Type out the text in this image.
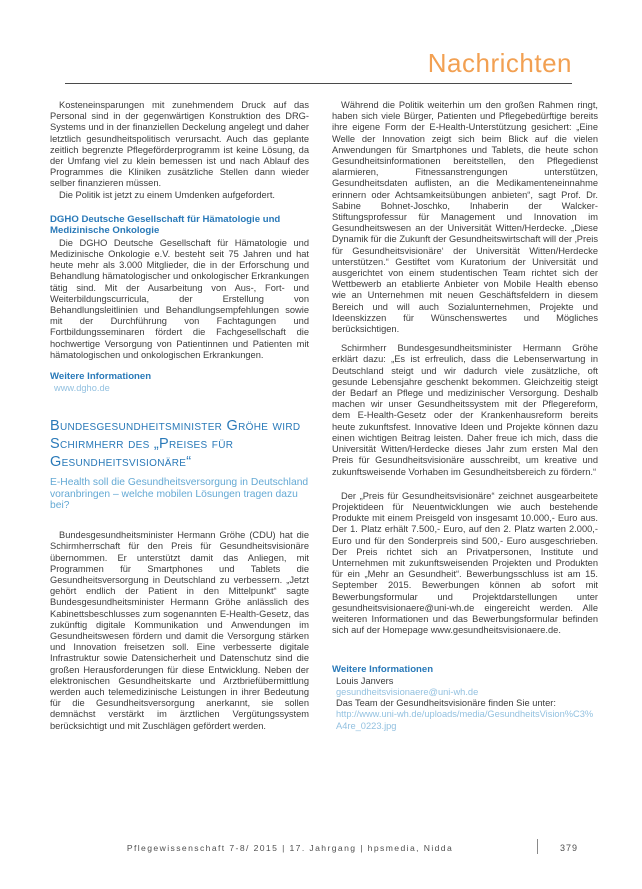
Nachrichten

Kosteneinsparungen mit zunehmendem Druck auf das Personal sind in der gegenwärtigen Konstruktion des DRG-Systems und in der finanziellen Deckelung angelegt und daher letztlich gesundheitspolitisch verursacht. Auch das geplante zeitlich begrenzte Pflegeförderprogramm ist keine Lösung, da der Umfang viel zu klein bemessen ist und nach Ablauf des Programmes die Kliniken zusätzliche Stellen dann wieder selber finanzieren müssen.

Die Politik ist jetzt zu einem Umdenken aufgefordert.

DGHO Deutsche Gesellschaft für Hämatologie und Medizinische Onkologie

Die DGHO Deutsche Gesellschaft für Hämatologie und Medizinische Onkologie e.V. besteht seit 75 Jahren und hat heute mehr als 3.000 Mitglieder, die in der Erforschung und Behandlung hämatologischer und onkologischer Erkrankungen tätig sind. Mit der Ausarbeitung von Aus-, Fort- und Weiterbildungscurricula, der Erstellung von Behandlungsleitlinien und Behandlungsempfehlungen sowie mit der Durchführung von Fachtagungen und Fortbildungsseminaren fördert die Fachgesellschaft die hochwertige Versorgung von Patientinnen und Patienten mit hämatologischen und onkologischen Erkrankungen.

Weitere Informationen
www.dgho.de
Bundesgesundheitsminister Gröhe wird Schirmherr des „Preises für Gesundheitsvisionäre“

E-Health soll die Gesundheitsversorgung in Deutschland voranbringen – welche mobilen Lösungen tragen dazu bei?

Bundesgesundheitsminister Hermann Gröhe (CDU) hat die Schirmherrschaft für den Preis für Gesundheitsvisionäre übernommen. Er unterstützt damit das Anliegen, mit Programmen für Smartphones und Tablets die Gesundheitsversorgung in Deutschland zu verbessern. „Jetzt gehört endlich der Patient in den Mittelpunkt“ sagte Bundesgesundheitsminister Hermann Gröhe anlässlich des Kabinettsbeschlusses zum sogenannten E-Health-Gesetz, das zukünftig digitale Kommunikation und Anwendungen im Gesundheitswesen fördern und damit die Versorgung stärken und Innovation freisetzen soll. Eine verbesserte digitale Infrastruktur sowie Datensicherheit und Datenschutz sind die großen Herausforderungen für diese Entwicklung. Neben der elektronischen Gesundheitskarte und Arztbriefübermittlung werden auch telemedizinische Leistungen in ihrer Bedeutung für die Gesundheitsversorgung anerkannt, sie sollen demnächst verstärkt im ärztlichen Vergütungssystem berücksichtigt und mit Zuschlägen gefördert werden.

Während die Politik weiterhin um den großen Rahmen ringt, haben sich viele Bürger, Patienten und Pflegebedürftige bereits ihre eigene Form der E-Health-Unterstützung gesichert: „Eine Welle der Innovation zeigt sich beim Blick auf die vielen Anwendungen für Smartphones und Tablets, die heute schon Gesundheitsinformationen bereitstellen, den Pflegedienst alarmieren, Fitnessanstrengungen unterstützen, Gesundheitsdaten auflisten, an die Medikamenteneinnahme erinnern oder Achtsamkeitsübungen anbieten“, sagt Prof. Dr. Sabine Bohnet-Joschko, Inhaberin der Walcker-Stiftungsprofessur für Management und Innovation im Gesundheitswesen an der Universität Witten/Herdecke. „Diese Dynamik für die Zukunft der Gesundheitswirtschaft will der ‚Preis für Gesundheitsvisionäre‘ der Universität Witten/Herdecke unterstützen.“ Gestiftet vom Kuratorium der Universität und ausgerichtet von einem studentischen Team richtet sich der Wettbewerb an etablierte Anbieter von Mobile Health ebenso wie an Unternehmen mit neuen Geschäftsfeldern in diesem Bereich und will auch Sozialunternehmen, Projekte und Ideenskizzen für Wünschenswertes und Mögliches berücksichtigen.

Schirmherr Bundesgesundheitsminister Hermann Gröhe erklärt dazu: „Es ist erfreulich, dass die Lebenserwartung in Deutschland steigt und wir dadurch viele zusätzliche, oft gesunde Lebensjahre geschenkt bekommen. Gleichzeitig steigt der Bedarf an Pflege und medizinischer Versorgung. Deshalb machen wir unser Gesundheitssystem mit der Pflegereform, dem E-Health-Gesetz oder der Krankenhausreform bereits heute zukunftsfest. Innovative Ideen und Projekte können dazu einen wichtigen Beitrag leisten. Daher freue ich mich, dass die Universität Witten/Herdecke dieses Jahr zum ersten Mal den Preis für Gesundheitsvisionäre ausschreibt, um kreative und zukunftsweisende Vorhaben im Gesundheitsbereich zu fördern.“

Der „Preis für Gesundheitsvisionäre“ zeichnet ausgearbeitete Projektideen für Neuentwicklungen wie auch bestehende Produkte mit einem Preisgeld von insgesamt 10.000,- Euro aus. Der 1. Platz erhält 7.500,- Euro, auf den 2. Platz warten 2.000,- Euro und für den Sonderpreis sind 500,- Euro ausgeschrieben. Der Preis richtet sich an Privatpersonen, Institute und Unternehmen mit zukunftsweisenden Projekten und Produkten für ein „Mehr an Gesundheit“. Bewerbungsschluss ist am 15. September 2015. Bewerbungen können ab sofort mit Bewerbungsformular und Projektdarstellungen unter gesundheitsvisionaere@uni-wh.de eingereicht werden. Alle weiteren Informationen und das Bewerbungsformular befinden sich auf der Homepage www.gesundheitsvisionaere.de.

Weitere Informationen
Louis Janvers
gesundheitsvisionaere@uni-wh.de
Das Team der Gesundheitsvisionäre finden Sie unter:
http://www.uni-wh.de/uploads/media/GesundheitsVision%C3%A4re_0223.jpg
Pflegewissenschaft 7-8/ 2015 | 17. Jahrgang | hpsmedia, Nidda	379
